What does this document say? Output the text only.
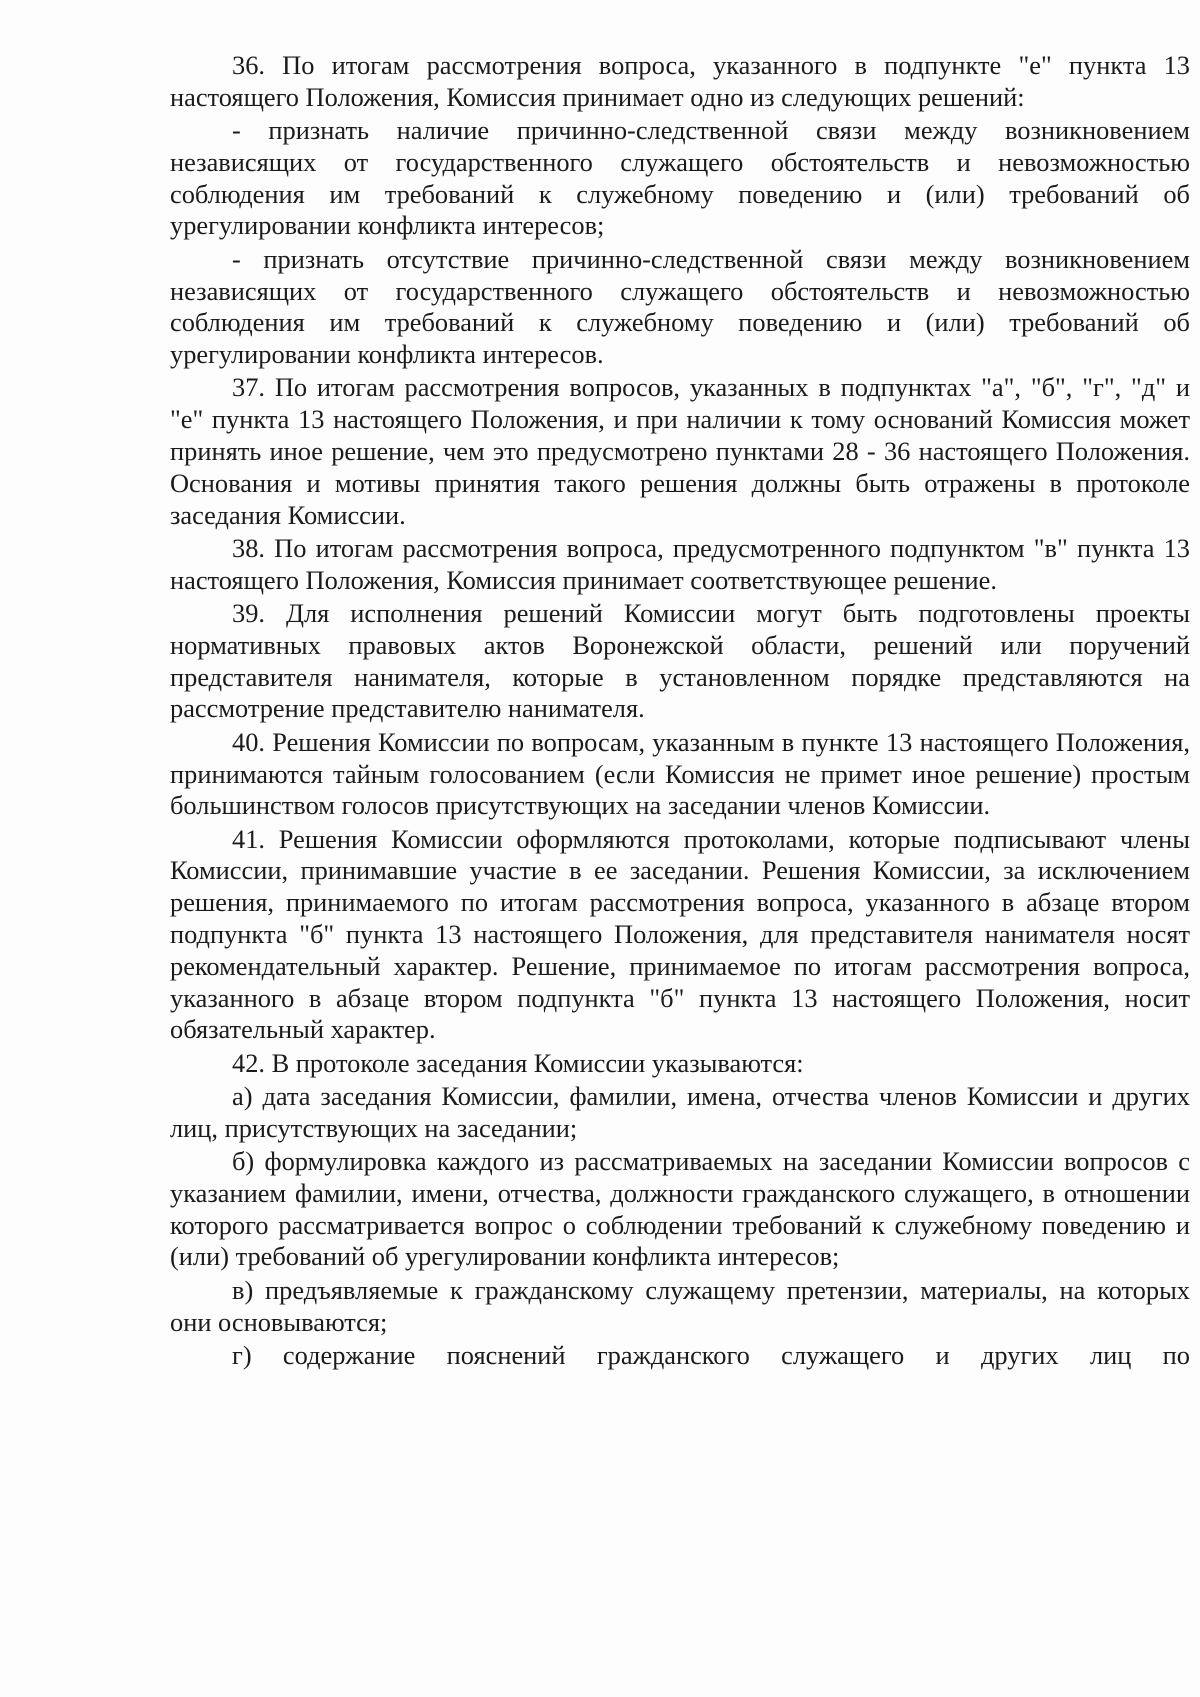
36. По итогам рассмотрения вопроса, указанного в подпункте "е" пункта 13 настоящего Положения, Комиссия принимает одно из следующих решений:

- признать наличие причинно-следственной связи между возникновением независящих от государственного служащего обстоятельств и невозможностью соблюдения им требований к служебному поведению и (или) требований об урегулировании конфликта интересов;

- признать отсутствие причинно-следственной связи между возникновением независящих от государственного служащего обстоятельств и невозможностью соблюдения им требований к служебному поведению и (или) требований об урегулировании конфликта интересов.

37. По итогам рассмотрения вопросов, указанных в подпунктах "а", "б", "г", "д" и "е" пункта 13 настоящего Положения, и при наличии к тому оснований Комиссия может принять иное решение, чем это предусмотрено пунктами 28 - 36 настоящего Положения. Основания и мотивы принятия такого решения должны быть отражены в протоколе заседания Комиссии.

38. По итогам рассмотрения вопроса, предусмотренного подпунктом "в" пункта 13 настоящего Положения, Комиссия принимает соответствующее решение.

39. Для исполнения решений Комиссии могут быть подготовлены проекты нормативных правовых актов Воронежской области, решений или поручений представителя нанимателя, которые в установленном порядке представляются на рассмотрение представителю нанимателя.

40. Решения Комиссии по вопросам, указанным в пункте 13 настоящего Положения, принимаются тайным голосованием (если Комиссия не примет иное решение) простым большинством голосов присутствующих на заседании членов Комиссии.

41. Решения Комиссии оформляются протоколами, которые подписывают члены Комиссии, принимавшие участие в ее заседании. Решения Комиссии, за исключением решения, принимаемого по итогам рассмотрения вопроса, указанного в абзаце втором подпункта "б" пункта 13 настоящего Положения, для представителя нанимателя носят рекомендательный характер. Решение, принимаемое по итогам рассмотрения вопроса, указанного в абзаце втором подпункта "б" пункта 13 настоящего Положения, носит обязательный характер.

42. В протоколе заседания Комиссии указываются:

а) дата заседания Комиссии, фамилии, имена, отчества членов Комиссии и других лиц, присутствующих на заседании;

б) формулировка каждого из рассматриваемых на заседании Комиссии вопросов с указанием фамилии, имени, отчества, должности гражданского служащего, в отношении которого рассматривается вопрос о соблюдении требований к служебному поведению и (или) требований об урегулировании конфликта интересов;

в) предъявляемые к гражданскому служащему претензии, материалы, на которых они основываются;

г) содержание пояснений гражданского служащего и других лиц по
